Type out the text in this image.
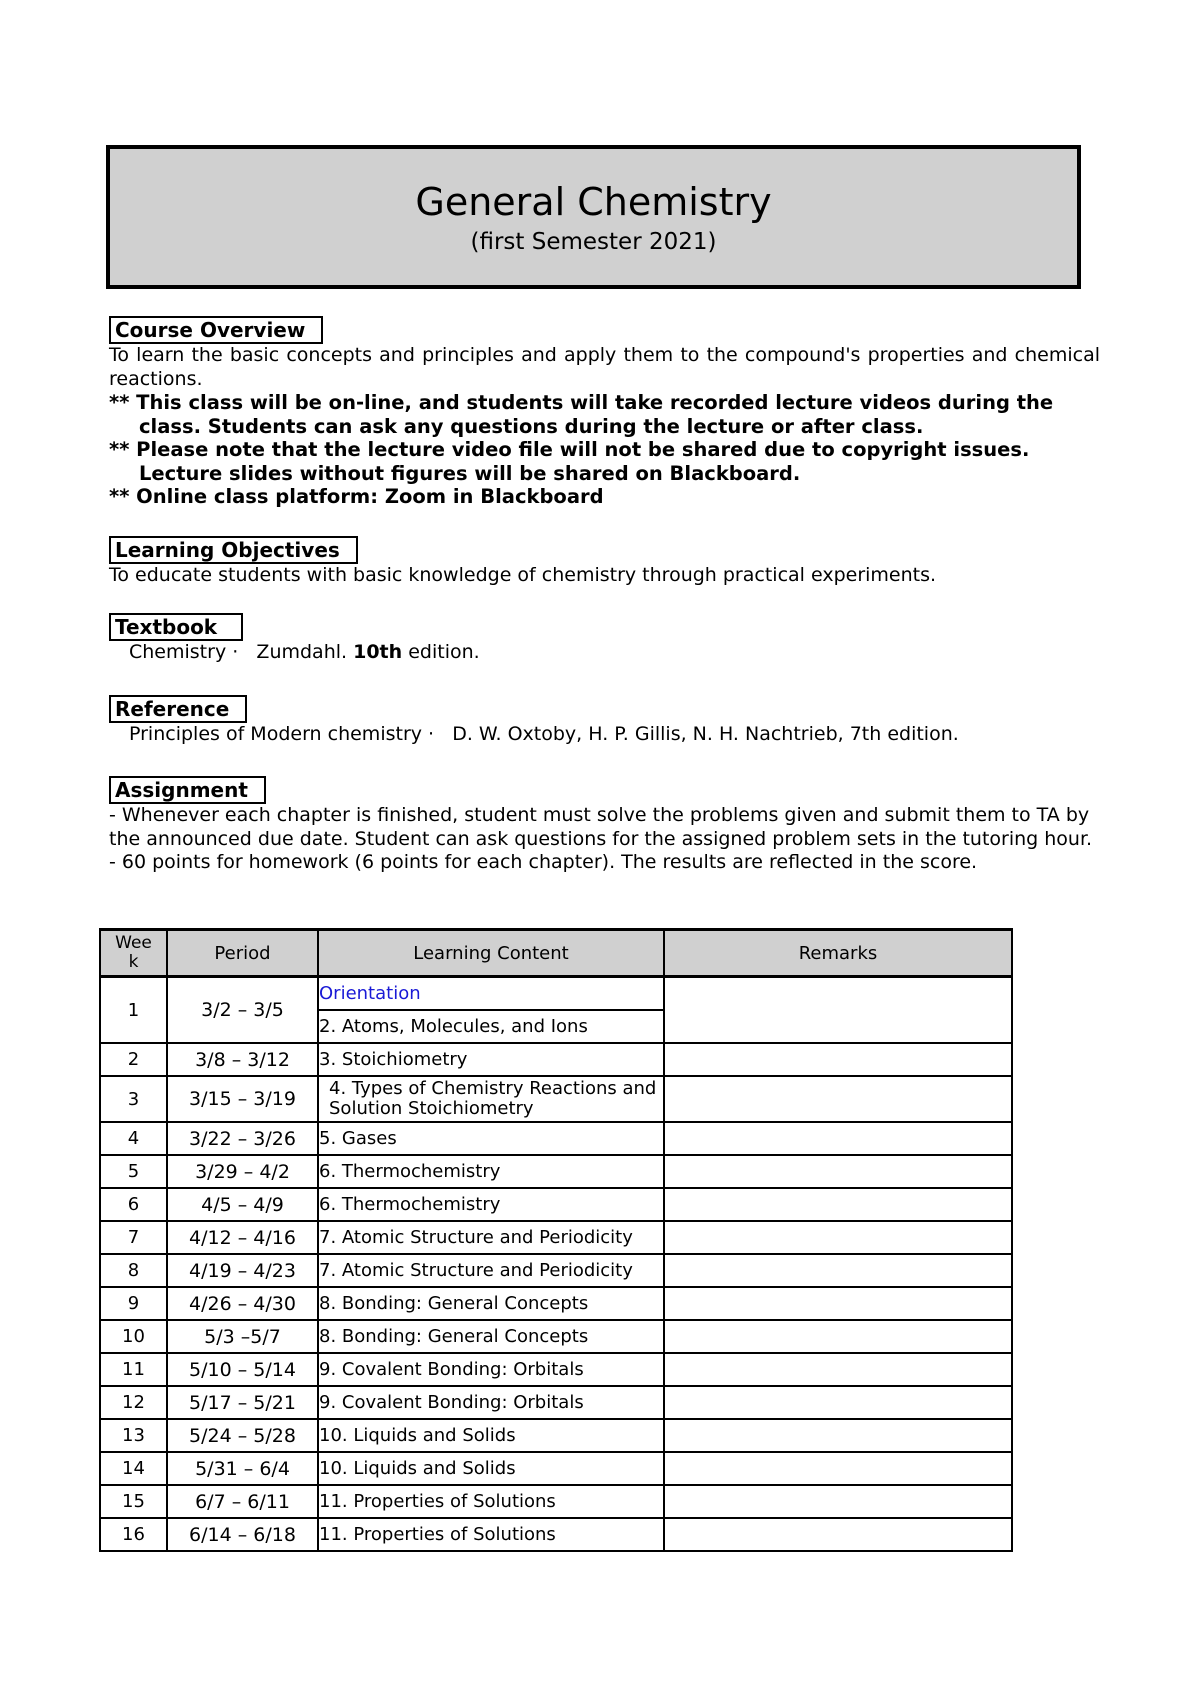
General Chemistry
(first Semester 2021)
Course Overview
To learn the basic concepts and principles and apply them to the compound's properties and chemical reactions.
** This class will be on-line, and students will take recorded lecture videos during the class. Students can ask any questions during the lecture or after class.
** Please note that the lecture video file will not be shared due to copyright issues. Lecture slides without figures will be shared on Blackboard.
** Online class platform: Zoom in Blackboard
Learning Objectives
To educate students with basic knowledge of chemistry through practical experiments.
Textbook
Chemistry · Zumdahl. 10th edition.
Reference
Principles of Modern chemistry ·   D. W. Oxtoby, H. P. Gillis, N. H. Nachtrieb, 7th edition.
Assignment
- Whenever each chapter is finished, student must solve the problems given and submit them to TA by the announced due date. Student can ask questions for the assigned problem sets in the tutoring hour.
- 60 points for homework (6 points for each chapter). The results are reflected in the score.
Wee k	Period	Learning Content	Remarks
1	3/2 – 3/5	Orientation	
		2. Atoms, Molecules, and Ions	
2	3/8 – 3/12	3. Stoichiometry	
3	3/15 – 3/19	4. Types of Chemistry Reactions and Solution Stoichiometry	
4	3/22 – 3/26	5. Gases	
5	3/29 – 4/2	6. Thermochemistry	
6	4/5 – 4/9	6. Thermochemistry	
7	4/12 – 4/16	7. Atomic Structure and Periodicity	
8	4/19 – 4/23	7. Atomic Structure and Periodicity	
9	4/26 – 4/30	8. Bonding: General Concepts	
10	5/3 –5/7	8. Bonding: General Concepts	
11	5/10 – 5/14	9. Covalent Bonding: Orbitals	
12	5/17 – 5/21	9. Covalent Bonding: Orbitals	
13	5/24 – 5/28	10. Liquids and Solids	
14	5/31 – 6/4	10. Liquids and Solids	
15	6/7 – 6/11	11. Properties of Solutions	
16	6/14 – 6/18	11. Properties of Solutions	
